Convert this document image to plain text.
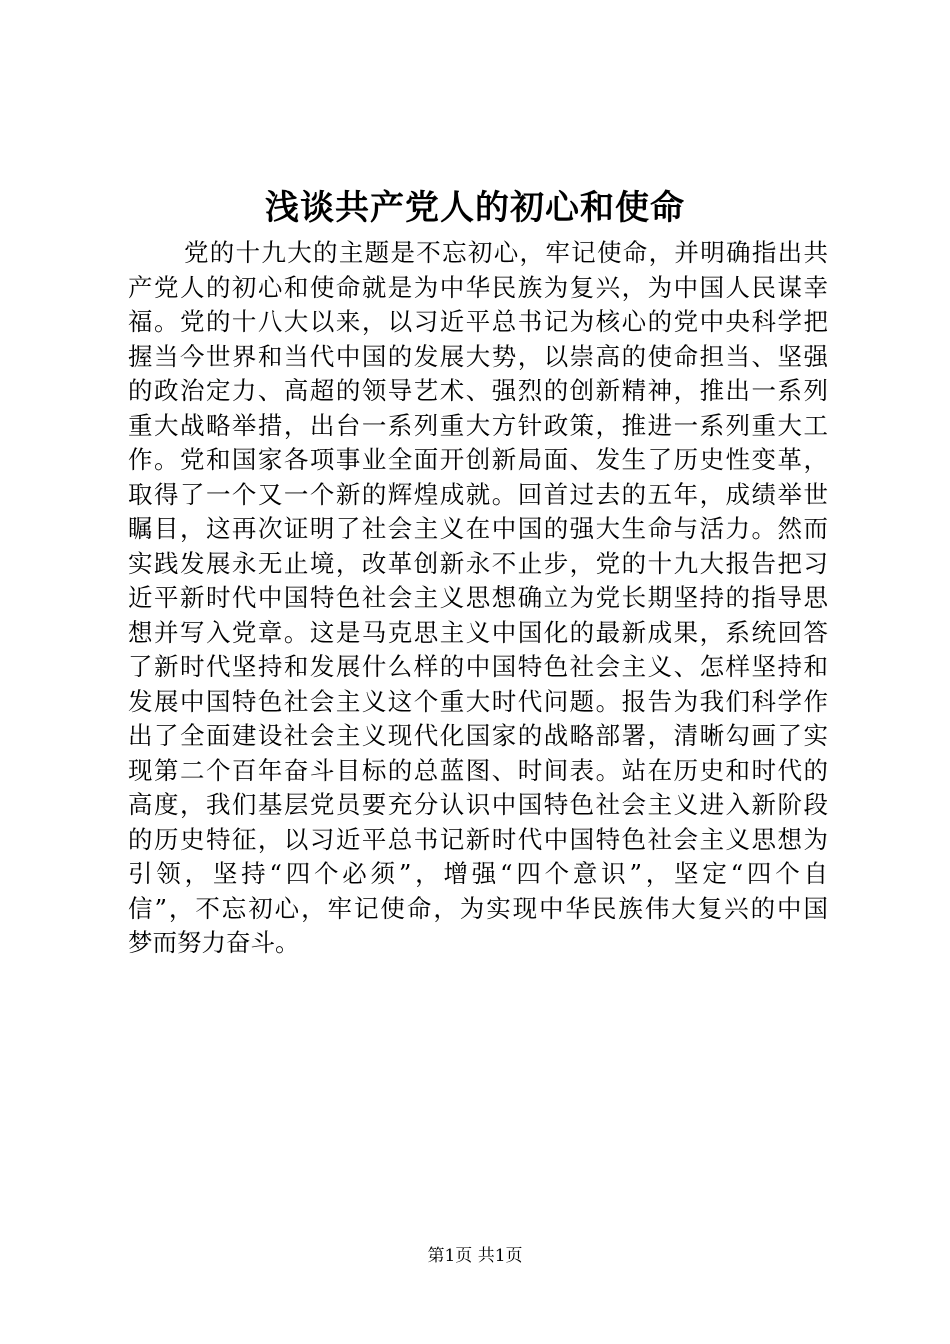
浅谈共产党人的初心和使命
党的十九大的主题是不忘初心，牢记使命，并明确指出共
产党人的初心和使命就是为中华民族为复兴，为中国人民谋幸
福。党的十八大以来，以习近平总书记为核心的党中央科学把
握当今世界和当代中国的发展大势，以崇高的使命担当、坚强
的政治定力、高超的领导艺术、强烈的创新精神，推出一系列
重大战略举措，出台一系列重大方针政策，推进一系列重大工
作。党和国家各项事业全面开创新局面、发生了历史性变革，
取得了一个又一个新的辉煌成就。回首过去的五年，成绩举世
瞩目，这再次证明了社会主义在中国的强大生命与活力。然而
实践发展永无止境，改革创新永不止步，党的十九大报告把习
近平新时代中国特色社会主义思想确立为党长期坚持的指导思
想并写入党章。这是马克思主义中国化的最新成果，系统回答
了新时代坚持和发展什么样的中国特色社会主义、怎样坚持和
发展中国特色社会主义这个重大时代问题。报告为我们科学作
出了全面建设社会主义现代化国家的战略部署，清晰勾画了实
现第二个百年奋斗目标的总蓝图、时间表。站在历史和时代的
高度，我们基层党员要充分认识中国特色社会主义进入新阶段
的历史特征，以习近平总书记新时代中国特色社会主义思想为
引领，坚持“四个必须”，增强“四个意识”，坚定“四个自
信”，不忘初心，牢记使命，为实现中华民族伟大复兴的中国
梦而努力奋斗。
第1页 共1页
